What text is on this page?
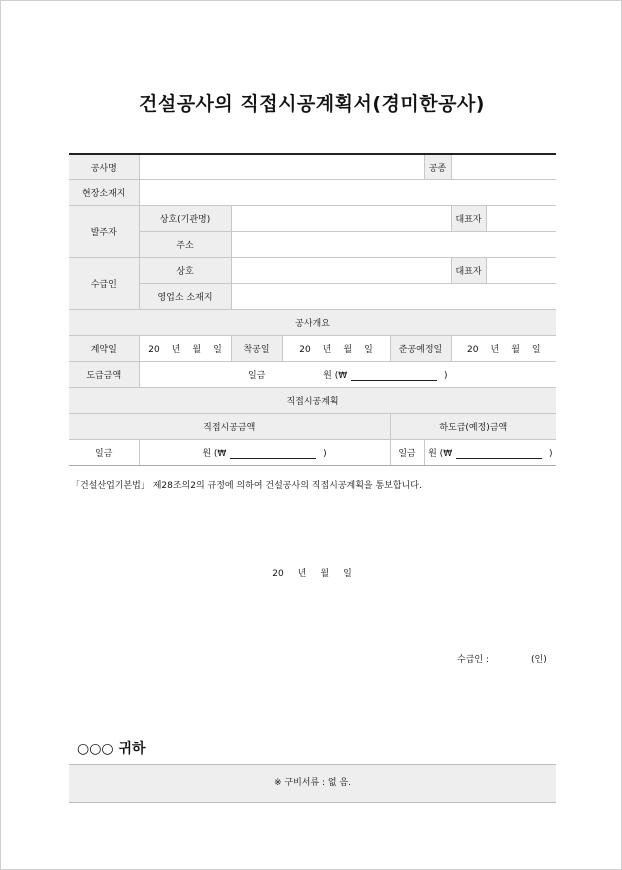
건설공사의 직접시공계획서(경미한공사)
공사명					공종		
현장소재지							
발주자	상호(기관명)					대표자	
	주소						
수급인	상호					대표자	
	영업소 소재지						
공사개요							
계약일	20 년 월 일	착공일	20 년 월 일	준공예정일		20 년 월 일	
도급금액	일금 원 (₩ )						
직접시공계획							
직접시공금액				하도급(예정)금액			
일금	원 (₩ )			일금	원 (₩ )		
「건설산업기본법」 제28조의2의 규정에 의하여 건설공사의 직접시공계획을 통보합니다.
20 년 월 일
수급인 :	(인)
○○○ 귀하
※ 구비서류 : 없 음.
